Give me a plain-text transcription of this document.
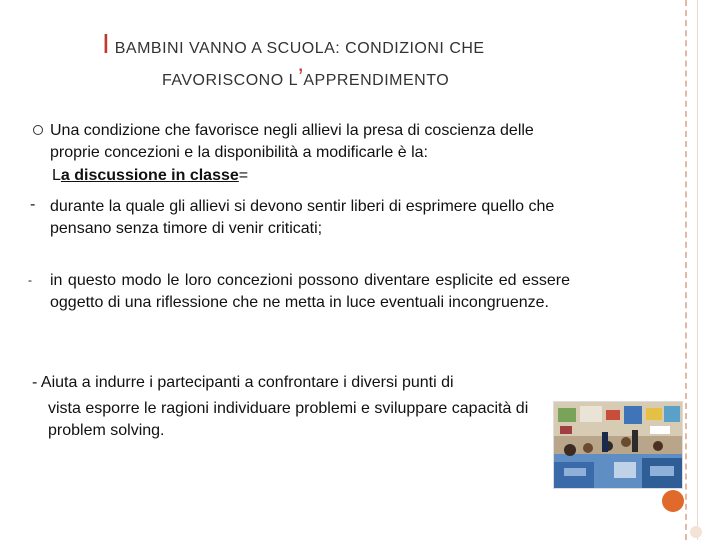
I BAMBINI VANNO A SCUOLA: CONDIZIONI CHE
FAVORISCONO L’APPRENDIMENTO
Una condizione che favorisce negli allievi la presa di coscienza delle proprie concezioni e la disponibilità a modificarle è la:
La discussione in classe=
- durante la quale gli allievi si devono sentir liberi di esprimere quello che pensano senza timore di venir criticati;
- in questo modo le loro concezioni possono diventare esplicite ed essere oggetto di una riflessione che ne metta in luce eventuali incongruenze.
- Aiuta a indurre i partecipanti a confrontare i diversi punti di
vista esporre le ragioni individuare problemi e sviluppare capacità di problem solving.
